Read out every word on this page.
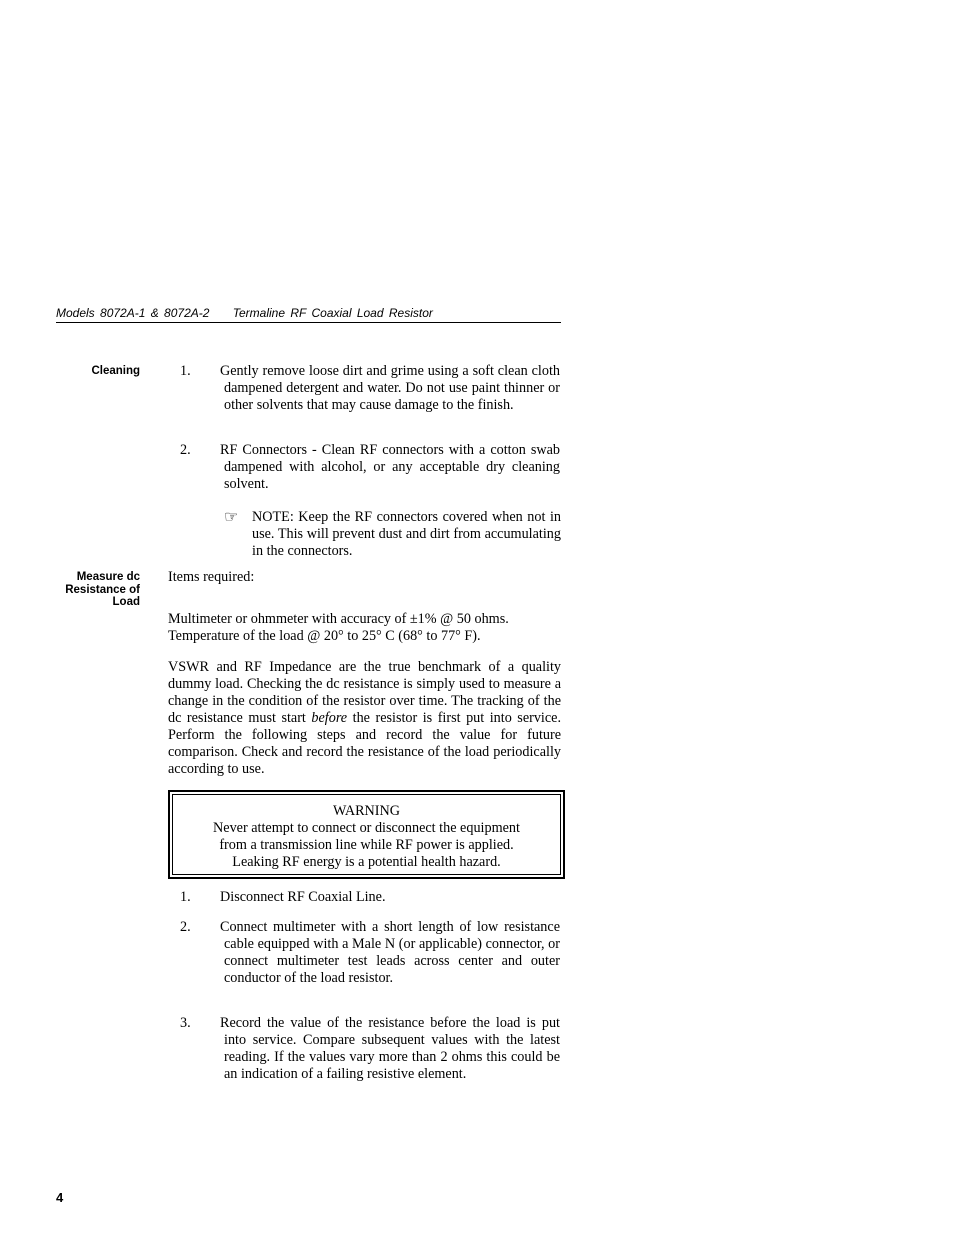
Models 8072A-1 & 8072A-2 Termaline RF Coaxial Load Resistor
Cleaning	1. Gently remove loose dirt and grime using a soft clean cloth dampened detergent and water. Do not use paint thinner or other solvents that may cause damage to the finish.
2. RF Connectors - Clean RF connectors with a cotton swab dampened with alcohol, or any acceptable dry cleaning solvent.
☞ NOTE: Keep the RF connectors covered when not in use. This will prevent dust and dirt from accumulating in the connectors.
Measure dc
Resistance of
Load
Items required:
Multimeter or ohmmeter with accuracy of ±1% @ 50 ohms.
Temperature of the load @ 20° to 25° C (68° to 77° F).
VSWR and RF Impedance are the true benchmark of a quality dummy load. Checking the dc resistance is simply used to measure a change in the condition of the resistor over time. The tracking of the dc resistance must start before the resistor is first put into service. Perform the following steps and record the value for future comparison. Check and record the resistance of the load periodically according to use.
WARNING
Never attempt to connect or disconnect the equipment
from a transmission line while RF power is applied.
Leaking RF energy is a potential health hazard.
1. Disconnect RF Coaxial Line.
2. Connect multimeter with a short length of low resistance cable equipped with a Male N (or applicable) connector, or connect multimeter test leads across center and outer conductor of the load resistor.
3. Record the value of the resistance before the load is put into service. Compare subsequent values with the latest reading. If the values vary more than 2 ohms this could be an indication of a failing resistive element.
4
